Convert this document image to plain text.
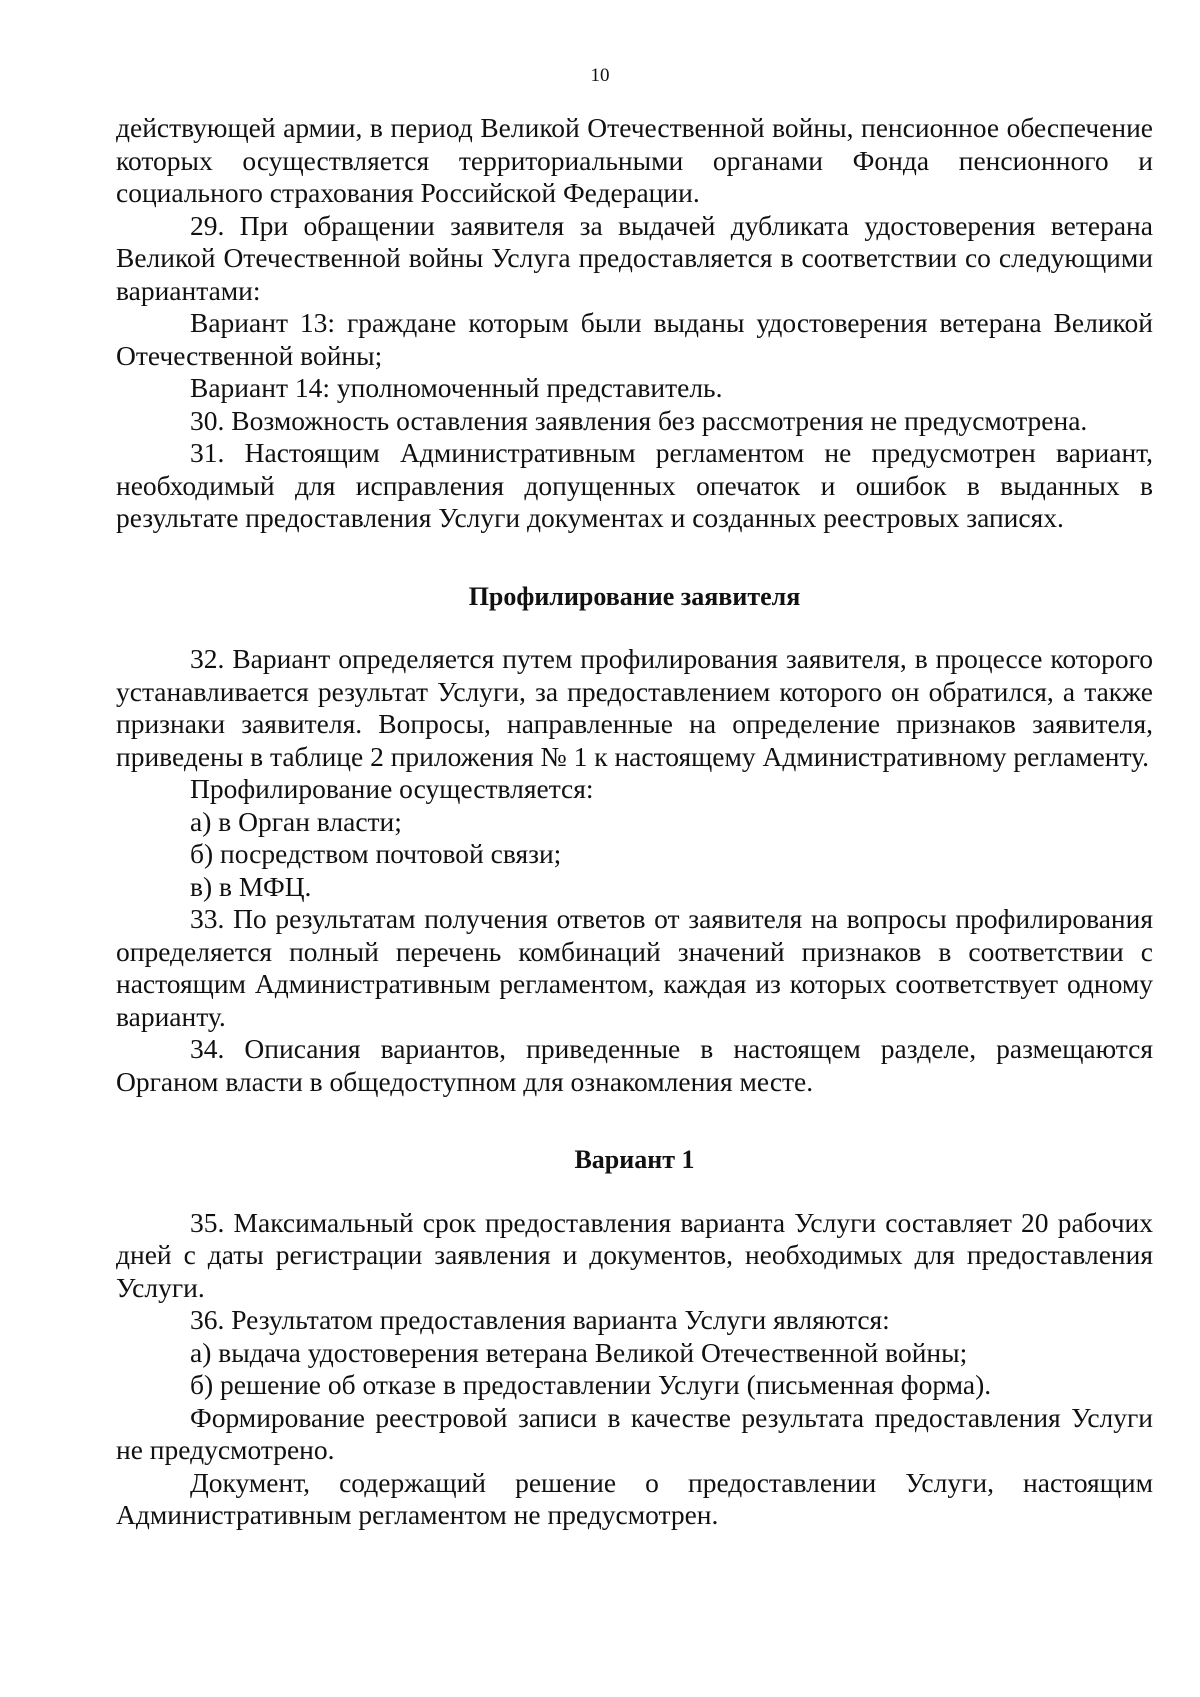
10

действующей армии, в период Великой Отечественной войны, пенсионное обеспечение которых осуществляется территориальными органами Фонда пенсионного и социального страхования Российской Федерации.

29. При обращении заявителя за выдачей дубликата удостоверения ветерана Великой Отечественной войны Услуга предоставляется в соответствии со следующими вариантами:

Вариант 13: граждане которым были выданы удостоверения ветерана Великой Отечественной войны;

Вариант 14: уполномоченный представитель.

30. Возможность оставления заявления без рассмотрения не предусмотрена.

31. Настоящим Административным регламентом не предусмотрен вариант, необходимый для исправления допущенных опечаток и ошибок в выданных в результате предоставления Услуги документах и созданных реестровых записях.

Профилирование заявителя

32. Вариант определяется путем профилирования заявителя, в процессе которого устанавливается результат Услуги, за предоставлением которого он обратился, а также признаки заявителя. Вопросы, направленные на определение признаков заявителя, приведены в таблице 2 приложения № 1 к настоящему Административному регламенту.

Профилирование осуществляется:

а) в Орган власти;

б) посредством почтовой связи;

в) в МФЦ.

33. По результатам получения ответов от заявителя на вопросы профилирования определяется полный перечень комбинаций значений признаков в соответствии с настоящим Административным регламентом, каждая из которых соответствует одному варианту.

34. Описания вариантов, приведенные в настоящем разделе, размещаются Органом власти в общедоступном для ознакомления месте.

Вариант 1

35. Максимальный срок предоставления варианта Услуги составляет 20 рабочих дней с даты регистрации заявления и документов, необходимых для предоставления Услуги.

36. Результатом предоставления варианта Услуги являются:

а) выдача удостоверения ветерана Великой Отечественной войны;

б) решение об отказе в предоставлении Услуги (письменная форма).

Формирование реестровой записи в качестве результата предоставления Услуги не предусмотрено.

Документ, содержащий решение о предоставлении Услуги, настоящим Административным регламентом не предусмотрен.
